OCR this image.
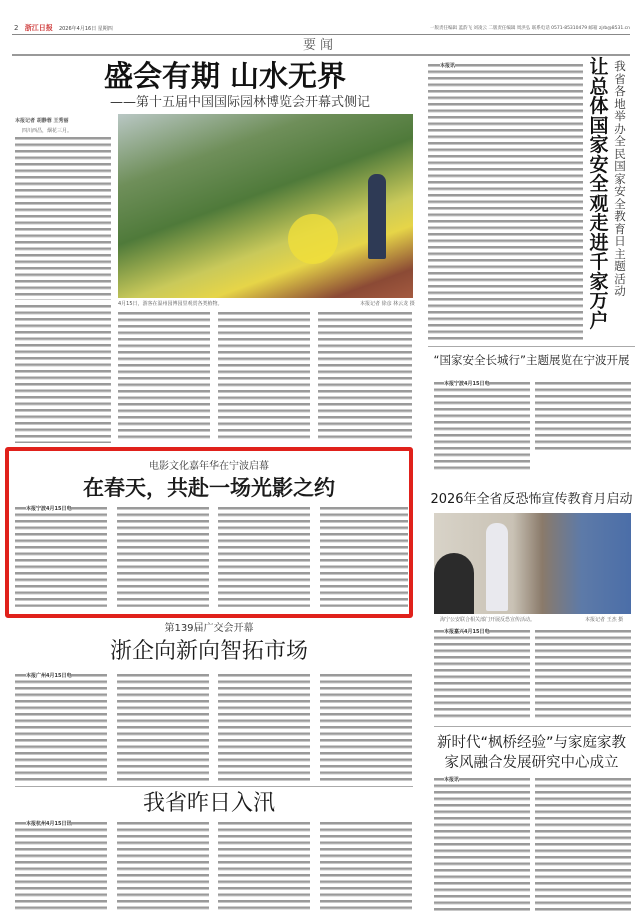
2 浙江日报 2026年4月16日 星期四	一版责任编辑 蓝韵飞 刘凌云 二版责任编辑 周洪弘 联系电话 0571-85310479 邮箱 zjrb@8531.cn
要闻
盛会有期 山水无界
——第十五届中国国际园林博览会开幕式侧记
本报记者 胡静蓉 王秀丽
四川西昌，烟花三月。
4月15日，游客在温州园博园里观赏各类植物。	本报记者 徐彦 林云龙 摄
电影文化嘉年华在宁波启幕
在春天，共赴一场光影之约
本报宁波4月15日电
第139届广交会开幕
浙企向新向智拓市场
本报广州4月15日电
我省昨日入汛
本报杭州4月15日讯
本报讯	让总体国家安全观走进千家万户
我省各地举办全民国家安全教育日主题活动
“国家安全长城行”主题展览在宁波开展
本报宁波4月15日电
2026年全省反恐怖宣传教育月启动
海宁公安联合相关部门开展反恐宣传活动。	本报记者 王杰 摄
本报嘉兴4月15日电
新时代“枫桥经验”与家庭家教
家风融合发展研究中心成立
本报讯
